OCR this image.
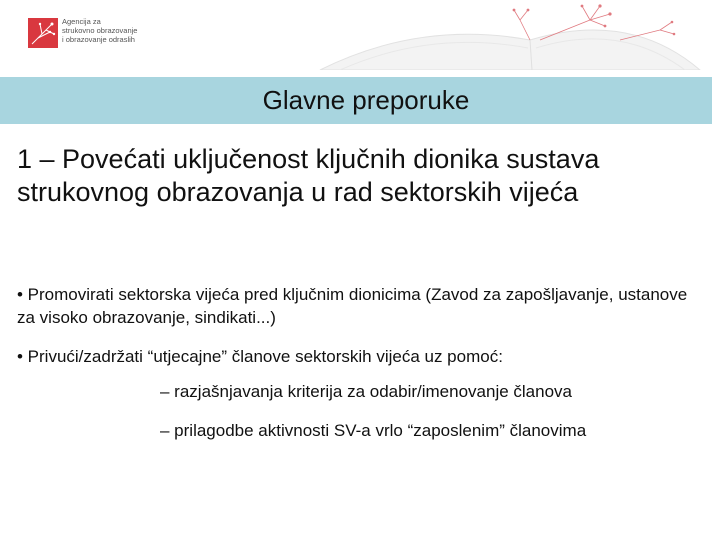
Agencija za
strukovno obrazovanje
i obrazovanje odraslih
Glavne preporuke
1 – Povećati uključenost ključnih dionika sustava strukovnog obrazovanja u rad sektorskih vijeća
• Promovirati sektorska vijeća pred ključnim dionicima (Zavod za zapošljavanje, ustanove za visoko obrazovanje, sindikati...)
• Privući/zadržati “utjecajne” članove sektorskih vijeća uz pomoć:
– razjašnjavanja kriterija za odabir/imenovanje članova
– prilagodbe aktivnosti SV-a vrlo “zaposlenim” članovima
